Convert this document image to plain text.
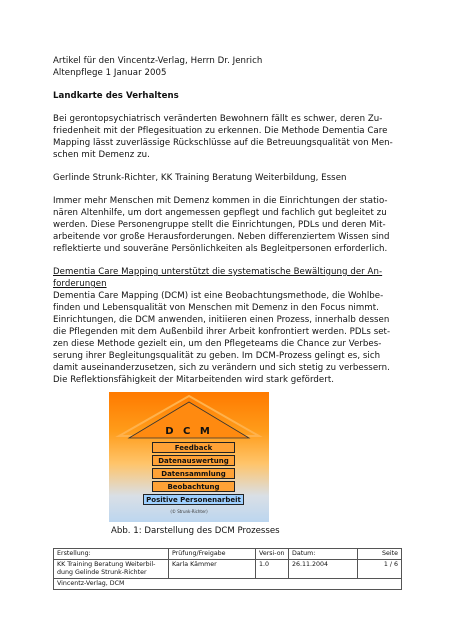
Artikel für den Vincentz-Verlag, Herrn Dr. Jenrich
Altenpflege 1 Januar 2005
Landkarte des Verhaltens
Bei gerontopsychiatrisch veränderten Bewohnern fällt es schwer, deren Zu-
friedenheit mit der Pflegesituation zu erkennen. Die Methode Dementia Care
Mapping lässt zuverlässige Rückschlüsse auf die Betreuungsqualität von Men-
schen mit Demenz zu.
Gerlinde Strunk-Richter, KK Training Beratung Weiterbildung, Essen
Immer mehr Menschen mit Demenz kommen in die Einrichtungen der statio-
nären Altenhilfe, um dort angemessen gepflegt und fachlich gut begleitet zu
werden. Diese Personengruppe stellt die Einrichtungen, PDLs und deren Mit-
arbeitende vor große Herausforderungen. Neben differenziertem Wissen sind
reflektierte und souveräne Persönlichkeiten als Begleitpersonen erforderlich.
Dementia Care Mapping unterstützt die systematische Bewältigung der An-
forderungen
Dementia Care Mapping (DCM) ist eine Beobachtungsmethode, die Wohlbe-
finden und Lebensqualität von Menschen mit Demenz in den Focus nimmt.
Einrichtungen, die DCM anwenden, initiieren einen Prozess, innerhalb dessen
die Pflegenden mit dem Außenbild ihrer Arbeit konfrontiert werden. PDLs set-
zen diese Methode gezielt ein, um den Pflegeteams die Chance zur Verbes-
serung ihrer Begleitungsqualität zu geben. Im DCM-Prozess gelingt es, sich
damit auseinanderzusetzen, sich zu verändern und sich stetig zu verbessern.
Die Reflektionsfähigkeit der Mitarbeitenden wird stark gefördert.
D C M
Feedback
Datenauswertung
Datensammlung
Beobachtung
Positive Personenarbeit
(© Strunk-Richter)
Abb. 1: Darstellung des DCM Prozesses
Erstellung:	Prüfung/Freigabe	Versi-on	Datum:	Seite
KK Training Beratung Weiterbil-dung Gelinde Strunk-Richter	Karla Kämmer	1.0	26.11.2004	1 / 6
Vincentz-Verlag, DCM				
